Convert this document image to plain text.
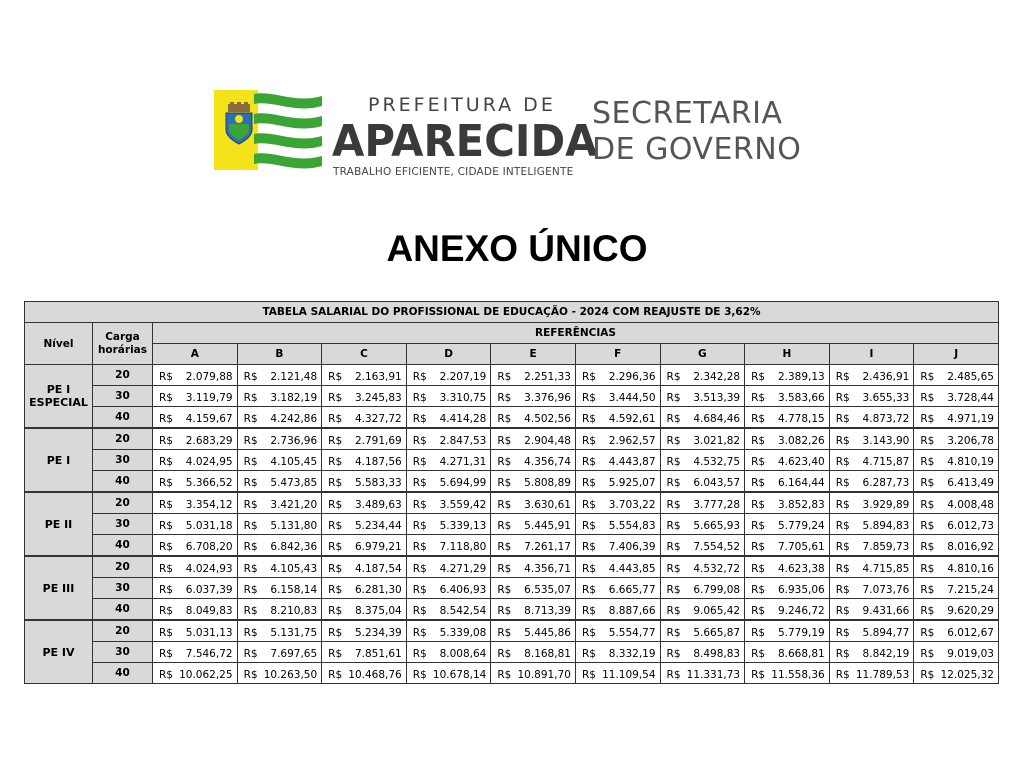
PREFEITURA DE
APARECIDA
TRABALHO EFICIENTE, CIDADE INTELIGENTE
SECRETARIA
DE GOVERNO
ANEXO ÚNICO
TABELA SALARIAL DO PROFISSIONAL DE EDUCAÇÃO - 2024 COM REAJUSTE DE 3,62%											
Nível	Carga horárias	REFERÊNCIAS									
		A	B	C	D	E	F	G	H	I	J
PE I ESPECIAL	20	R$ 2.079,88	R$ 2.121,48	R$ 2.163,91	R$ 2.207,19	R$ 2.251,33	R$ 2.296,36	R$ 2.342,28	R$ 2.389,13	R$ 2.436,91	R$ 2.485,65

	30	R$ 3.119,79	R$ 3.182,19	R$ 3.245,83	R$ 3.310,75	R$ 3.376,96	R$ 3.444,50	R$ 3.513,39	R$ 3.583,66	R$ 3.655,33	R$ 3.728,44

	40	R$ 4.159,67	R$ 4.242,86	R$ 4.327,72	R$ 4.414,28	R$ 4.502,56	R$ 4.592,61	R$ 4.684,46	R$ 4.778,15	R$ 4.873,72	R$ 4.971,19

PE I	20	R$ 2.683,29	R$ 2.736,96	R$ 2.791,69	R$ 2.847,53	R$ 2.904,48	R$ 2.962,57	R$ 3.021,82	R$ 3.082,26	R$ 3.143,90	R$ 3.206,78

	30	R$ 4.024,95	R$ 4.105,45	R$ 4.187,56	R$ 4.271,31	R$ 4.356,74	R$ 4.443,87	R$ 4.532,75	R$ 4.623,40	R$ 4.715,87	R$ 4.810,19

	40	R$ 5.366,52	R$ 5.473,85	R$ 5.583,33	R$ 5.694,99	R$ 5.808,89	R$ 5.925,07	R$ 6.043,57	R$ 6.164,44	R$ 6.287,73	R$ 6.413,49

PE II	20	R$ 3.354,12	R$ 3.421,20	R$ 3.489,63	R$ 3.559,42	R$ 3.630,61	R$ 3.703,22	R$ 3.777,28	R$ 3.852,83	R$ 3.929,89	R$ 4.008,48

	30	R$ 5.031,18	R$ 5.131,80	R$ 5.234,44	R$ 5.339,13	R$ 5.445,91	R$ 5.554,83	R$ 5.665,93	R$ 5.779,24	R$ 5.894,83	R$ 6.012,73

	40	R$ 6.708,20	R$ 6.842,36	R$ 6.979,21	R$ 7.118,80	R$ 7.261,17	R$ 7.406,39	R$ 7.554,52	R$ 7.705,61	R$ 7.859,73	R$ 8.016,92

PE III	20	R$ 4.024,93	R$ 4.105,43	R$ 4.187,54	R$ 4.271,29	R$ 4.356,71	R$ 4.443,85	R$ 4.532,72	R$ 4.623,38	R$ 4.715,85	R$ 4.810,16

	30	R$ 6.037,39	R$ 6.158,14	R$ 6.281,30	R$ 6.406,93	R$ 6.535,07	R$ 6.665,77	R$ 6.799,08	R$ 6.935,06	R$ 7.073,76	R$ 7.215,24

	40	R$ 8.049,83	R$ 8.210,83	R$ 8.375,04	R$ 8.542,54	R$ 8.713,39	R$ 8.887,66	R$ 9.065,42	R$ 9.246,72	R$ 9.431,66	R$ 9.620,29

PE IV	20	R$ 5.031,13	R$ 5.131,75	R$ 5.234,39	R$ 5.339,08	R$ 5.445,86	R$ 5.554,77	R$ 5.665,87	R$ 5.779,19	R$ 5.894,77	R$ 6.012,67

	30	R$ 7.546,72	R$ 7.697,65	R$ 7.851,61	R$ 8.008,64	R$ 8.168,81	R$ 8.332,19	R$ 8.498,83	R$ 8.668,81	R$ 8.842,19	R$ 9.019,03

	40	R$ 10.062,25	R$ 10.263,50	R$ 10.468,76	R$ 10.678,14	R$ 10.891,70	R$ 11.109,54	R$ 11.331,73	R$ 11.558,36	R$ 11.789,53	R$ 12.025,32
